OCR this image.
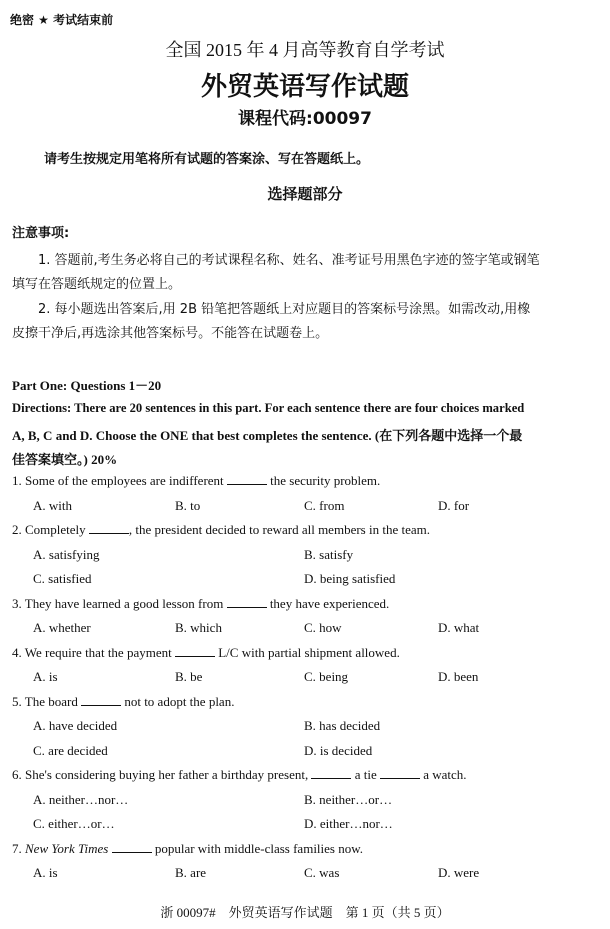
绝密 ★ 考试结束前
全国 2015 年 4 月高等教育自学考试
外贸英语写作试题
课程代码:00097
请考生按规定用笔将所有试题的答案涂、写在答题纸上。
选择题部分
注意事项:
1. 答题前,考生务必将自己的考试课程名称、姓名、准考证号用黑色字迹的签字笔或钢笔
填写在答题纸规定的位置上。
2. 每小题选出答案后,用 2B 铅笔把答题纸上对应题目的答案标号涂黑。如需改动,用橡
皮擦干净后,再选涂其他答案标号。不能答在试题卷上。
Part One: Questions 1－20
Directions: There are 20 sentences in this part. For each sentence there are four choices marked
A, B, C and D. Choose the ONE that best completes the sentence. (在下列各题中选择一个最
佳答案填空。) 20%
1. Some of the employees are indifferent	the security problem.
A. with	B. to	C. from	D. for
2. Completely	, the president decided to reward all members in the team.
A. satisfying	B. satisfy
C. satisfied	D. being satisfied
3. They have learned a good lesson from	they have experienced.
A. whether	B. which	C. how	D. what
4. We require that the payment	L/C with partial shipment allowed.
A. is	B. be	C. being	D. been
5. The board	not to adopt the plan.
A. have decided	B. has decided
C. are decided	D. is decided
6. She's considering buying her father a birthday present,	a tie	a watch.
A. neither…nor…	B. neither…or…
C. either…or…	D. either…nor…
7. New York Times	popular with middle-class families now.
A. is	B. are	C. was	D. were
浙 00097#　外贸英语写作试题　第 1 页（共 5 页）
